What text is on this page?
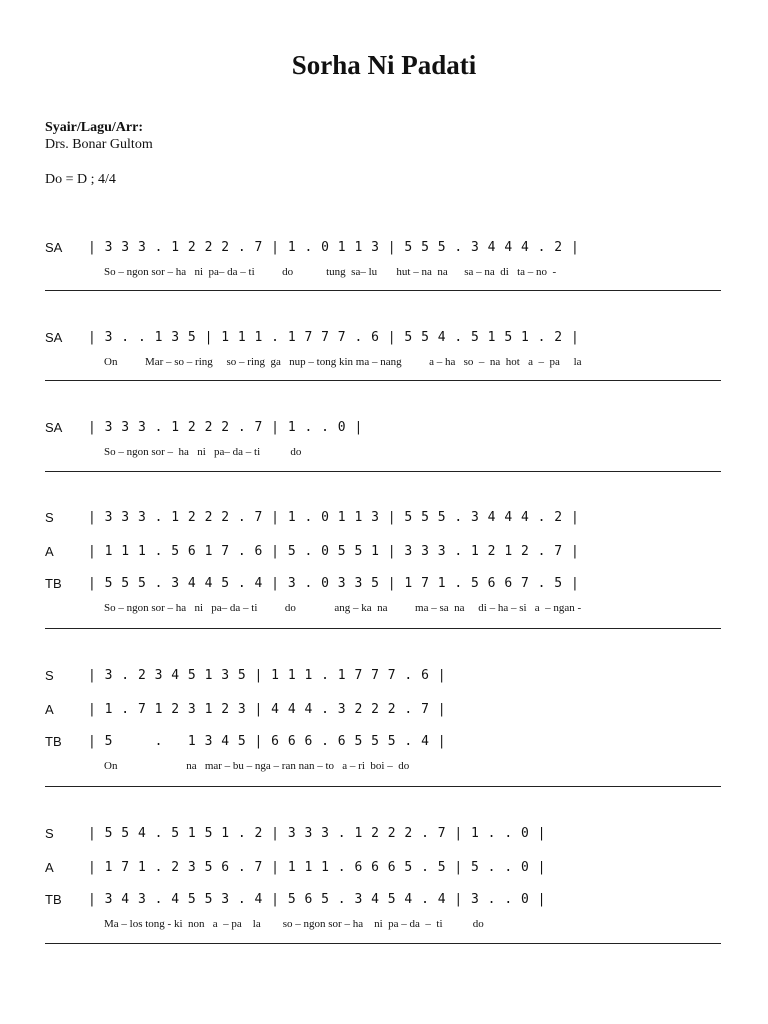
Sorha Ni Padati
Syair/Lagu/Arr:
Drs. Bonar Gultom
Do = D ; 4/4
SA | 3 3 3 . 1 2 2 2 . 7 | 1 . 0 1 1 3 | 5 5 5 . 3 4 4 4 . 2 |
So – ngon sor – ha   ni  pa– da – ti          do            tung  sa– lu       hut – na  na      sa – na  di   ta – no  -
SA | 3 . . 1 3 5 | 1 1 1 . 1 7 7 7 . 6 | 5 5 4 . 5 1 5 1 . 2 |
On          Mar – so – ring     so – ring  ga   nup – tong kin ma – nang          a – ha   so  –  na  hot   a  –  pa     la
SA | 3 3 3 . 1 2 2 2 . 7 | 1 . . 0 |
So – ngon sor –  ha   ni   pa– da – ti           do
S	| 3 3 3 . 1 2 2 2 . 7 | 1 . 0 1 1 3 | 5 5 5 . 3 4 4 4 . 2 |
A	| 1 1 1 . 5 6 1 7 . 6 | 5 . 0 5 5 1 | 3 3 3 . 1 2 1 2 . 7 |
TB | 5 5 5 . 3 4 4 5 . 4 | 3 . 0 3 3 5 | 1 7 1 . 5 6 6 7 . 5 |
So – ngon sor – ha   ni   pa– da – ti          do              ang – ka  na          ma – sa  na     di – ha – si   a  – ngan -
S	| 3 . 2 3 4 5 1 3 5 | 1 1 1 . 1 7 7 7 . 6 |
A	| 1 . 7 1 2 3 1 2 3 | 4 4 4 . 3 2 2 2 . 7 |
TB | 5     .   1 3 4 5 | 6 6 6 . 6 5 5 5 . 4 |
On                         na   mar – bu – nga – ran nan – to   a – ri  boi –  do
S	| 5 5 4 . 5 1 5 1 . 2 | 3 3 3 . 1 2 2 2 . 7 | 1 . . 0 |
A	| 1 7 1 . 2 3 5 6 . 7 | 1 1 1 . 6 6 6 5 . 5 | 5 . . 0 |
TB | 3 4 3 . 4 5 5 3 . 4 | 5 6 5 . 3 4 5 4 . 4 | 3 . . 0 |
Ma – los tong - ki  non   a  – pa    la        so – ngon sor – ha    ni  pa – da  –  ti           do
